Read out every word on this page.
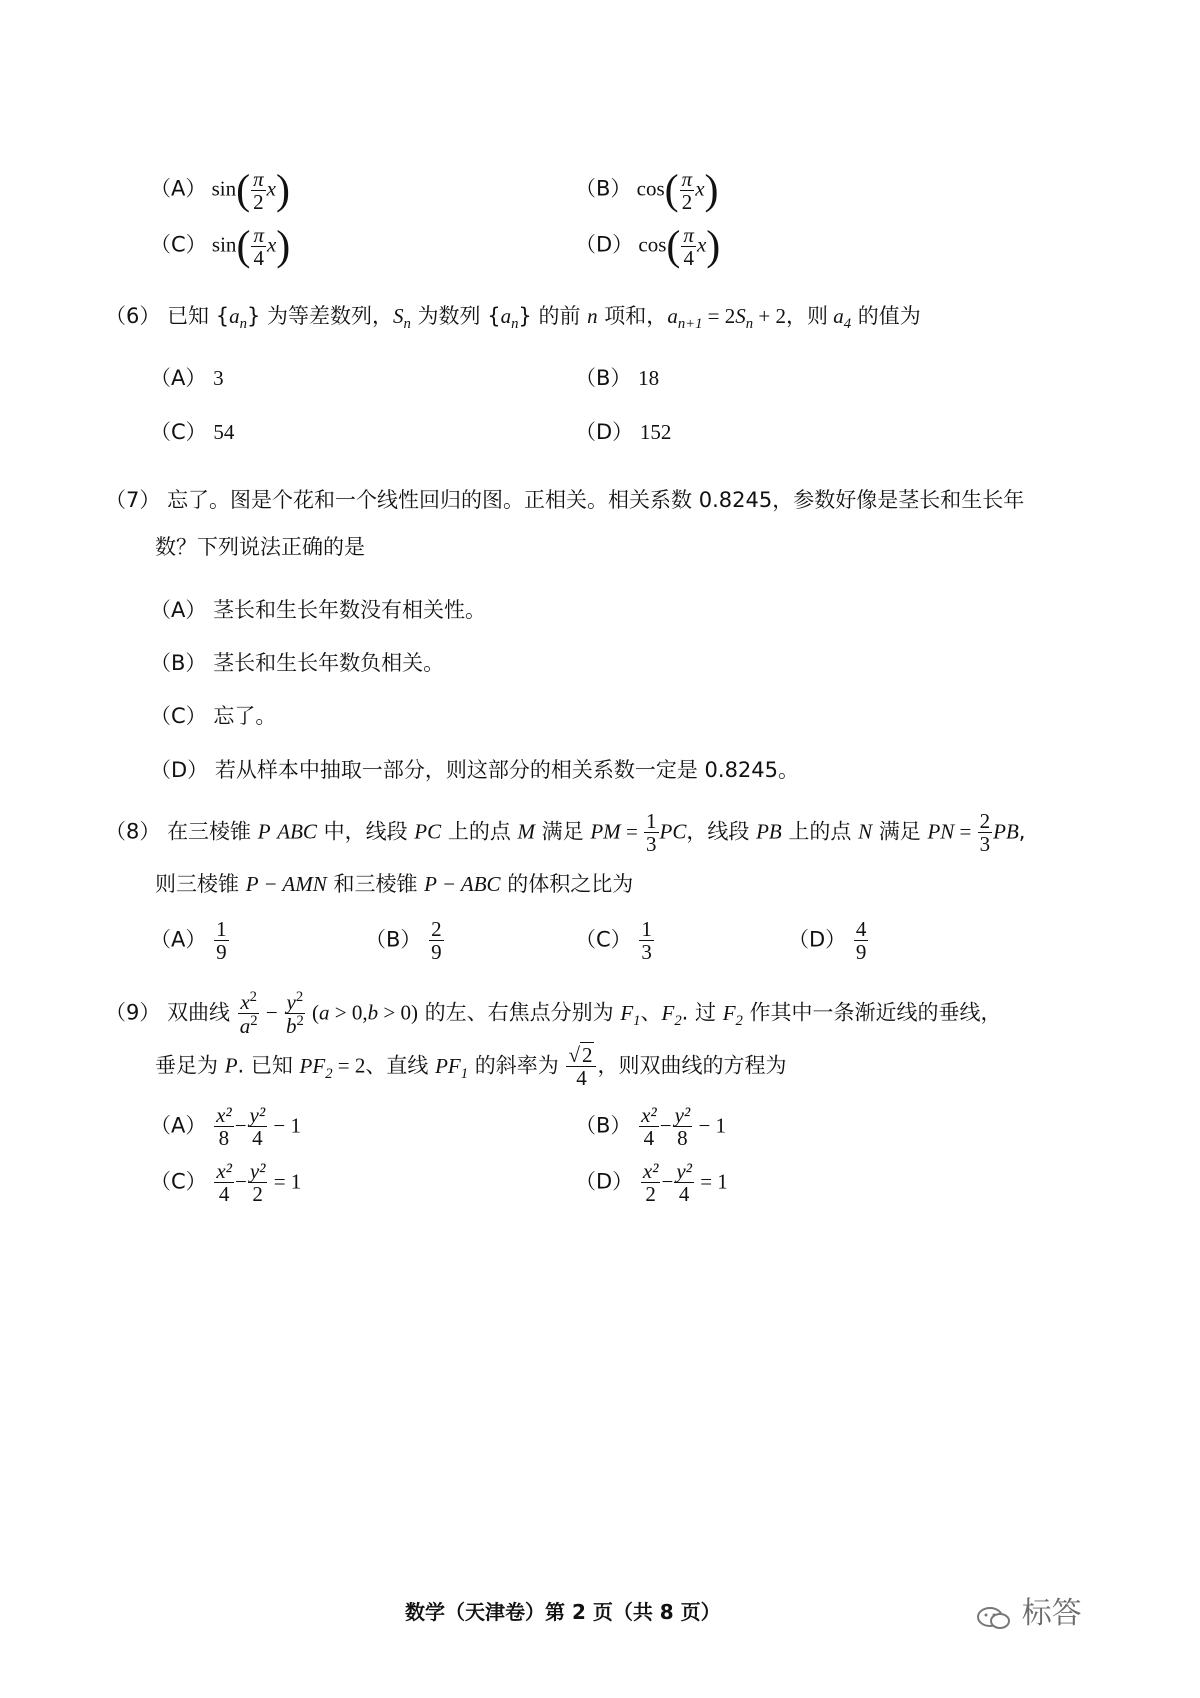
（A） $\sin( \frac{\pi}{2} x)$	（B） $\cos( \frac{\pi}{2} x)$
（C） $\sin( \frac{\pi}{4} x)$	（D） $\cos( \frac{\pi}{4} x)$
（6） 已知 $\{a_n\}$ 为等差数列，$S_n$ 为数列 $\{a_n\}$ 的前 n 项和，$a_{n+1} = 2S_n + 2$，则 $a_4$ 的值为
（A） 3	（B） 18
（C） 54	（D） 152
（7） 忘了。图是个花和一个线性回归的图。正相关。相关系数 0.8245，参数好像是茎长和生长年
数？下列说法正确的是
（A） 茎长和生长年数没有相关性。
（B） 茎长和生长年数负相关。
（C） 忘了。
（D） 若从样本中抽取一部分，则这部分的相关系数一定是 0.8245。
（8） 在三棱锥 P ABC 中，线段 PC 上的点 M 满足 PM = $\frac{1}{3}$ PC，线段 PB 上的点 N 满足 PN = $\frac{2}{3}$ PB,
则三棱锥 P − AMN 和三棱锥 P − ABC 的体积之比为
$(A) \frac{1}{9}$	$(B) \frac{2}{9}$	$(C) \frac{1}{3}$	$(D) \frac{4}{9}$
（9） 双曲线 $\frac{x^2}{a^2} - \frac{y^2}{b^2} (a > 0,b > 0)$ 的左、右焦点分别为 $F_1$、$F_2$. 过 $F_2$ 作其中一条渐近线的垂线，
垂足为 P. 已知 $PF_2 = 2$、直线 $PF_1$ 的斜率为 $\frac{√2}{4}$ ，则双曲线的方程为
$(A) \frac{\text{x²}}{8} - \frac{\text{y²}}{4} - 1$	$(B) \frac{\text{x²}}{4} - \frac{\text{y²}}{8} - 1$
$(C) \frac{\text{x²}}{4} - \frac{\text{y²}}{2} = 1$	$(D) \frac{\text{x²}}{2} - \frac{\text{y²}}{4} = 1$
数学（天津卷）第 2 页（共 8 页）	标答
